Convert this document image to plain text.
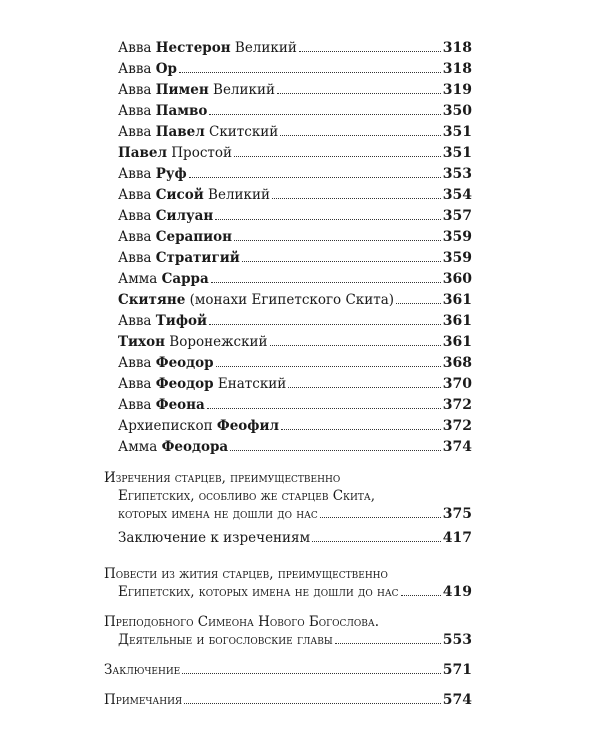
Авва Нестерон Великий	318
Авва Ор	318
Авва Пимен Великий	319
Авва Памво	350
Авва Павел Скитский	351
Павел Простой	351
Авва Руф	353
Авва Сисой Великий	354
Авва Силуан	357
Авва Серапион	359
Авва Стратигий	359
Амма Сарра	360
Скитяне (монахи Египетского Скита)	361
Авва Тифой	361
Тихон Воронежский	361
Авва Феодор	368
Авва Феодор Енатский	370
Авва Феона	372
Архиепископ Феофил	372
Амма Феодора	374
Изречения старцев, преимущественно
Египетских, особливо же старцев Скита,
которых имена не дошли до нас	375
Заключение к изречениям	417
Повести из жития старцев, преимущественно
Египетских, которых имена не дошли до нас	419
Преподобного Симеона Нового Богослова.
Деятельные и богословские главы	553
Заключение	571
Примечания	574
